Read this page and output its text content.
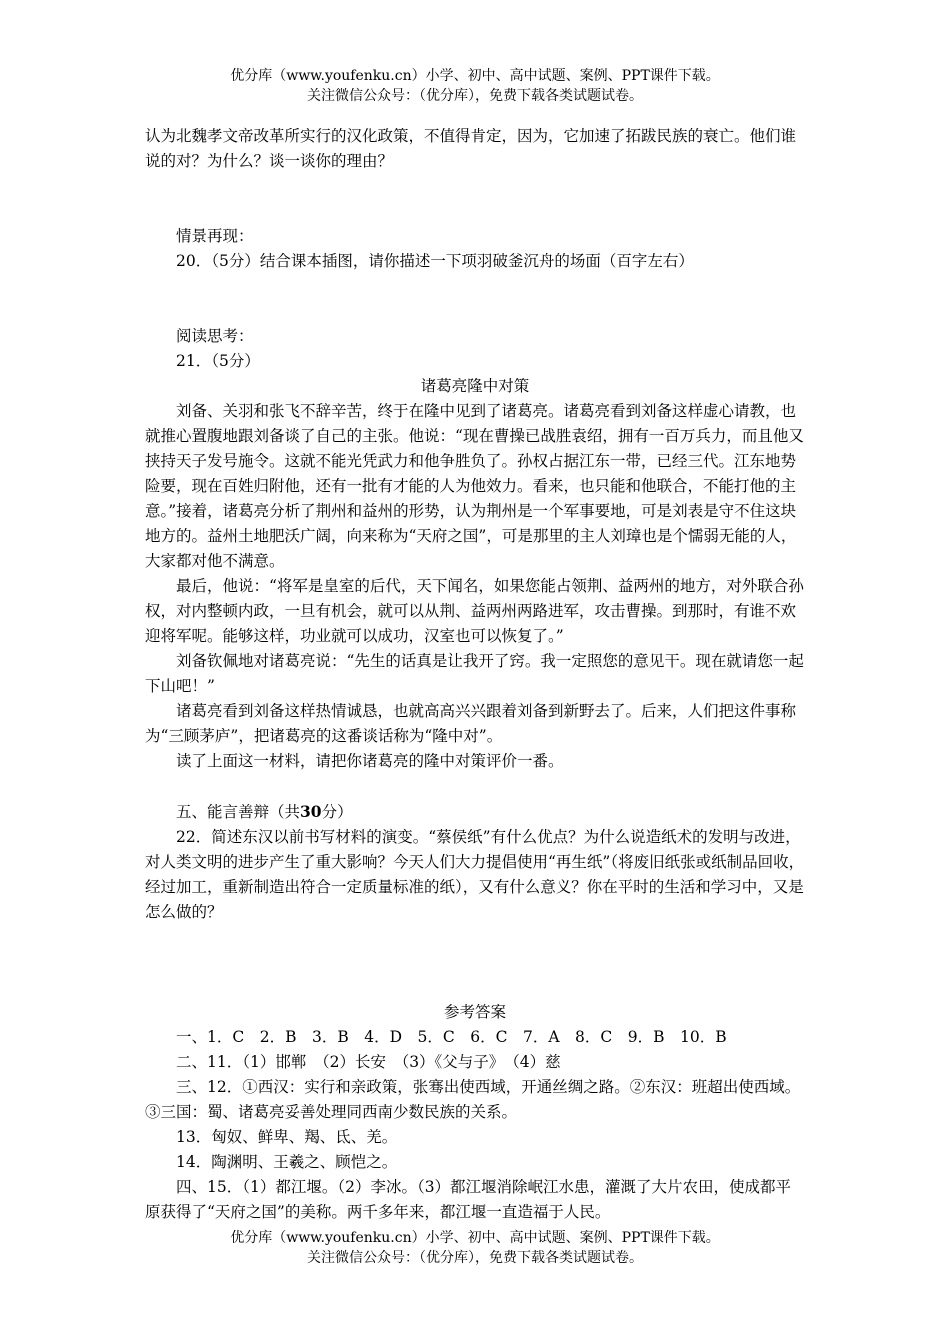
优分库（www.youfenku.cn）小学、初中、高中试题、案例、PPT课件下载。

关注微信公众号：（优分库），免费下载各类试题试卷。

认为北魏孝文帝改革所实行的汉化政策，不值得肯定，因为，它加速了拓跋民族的衰亡。他们谁说的对？为什么？谈一谈你的理由？

情景再现：

20．（5分）结合课本插图，请你描述一下项羽破釜沉舟的场面（百字左右）

阅读思考：

21．（5分）

诸葛亮隆中对策

刘备、关羽和张飞不辞辛苦，终于在隆中见到了诸葛亮。诸葛亮看到刘备这样虚心请教，也就推心置腹地跟刘备谈了自己的主张。他说：“现在曹操已战胜袁绍，拥有一百万兵力，而且他又挟持天子发号施令。这就不能光凭武力和他争胜负了。孙权占据江东一带，已经三代。江东地势险要，现在百姓归附他，还有一批有才能的人为他效力。看来，也只能和他联合，不能打他的主意。”接着，诸葛亮分析了荆州和益州的形势，认为荆州是一个军事要地，可是刘表是守不住这块地方的。益州土地肥沃广阔，向来称为“天府之国”，可是那里的主人刘璋也是个懦弱无能的人，大家都对他不满意。

最后，他说：“将军是皇室的后代，天下闻名，如果您能占领荆、益两州的地方，对外联合孙权，对内整顿内政，一旦有机会，就可以从荆、益两州两路进军，攻击曹操。到那时，有谁不欢迎将军呢。能够这样，功业就可以成功，汉室也可以恢复了。”

刘备钦佩地对诸葛亮说：“先生的话真是让我开了窍。我一定照您的意见干。现在就请您一起下山吧！”

诸葛亮看到刘备这样热情诚恳，也就高高兴兴跟着刘备到新野去了。后来，人们把这件事称为“三顾茅庐”，把诸葛亮的这番谈话称为“隆中对”。

读了上面这一材料，请把你诸葛亮的隆中对策评价一番。

五、能言善辩（共30分）

22．简述东汉以前书写材料的演变。“蔡侯纸”有什么优点？为什么说造纸术的发明与改进，对人类文明的进步产生了重大影响？今天人们大力提倡使用“再生纸”（将废旧纸张或纸制品回收，经过加工，重新制造出符合一定质量标准的纸），又有什么意义？你在平时的生活和学习中，又是怎么做的？

参考答案

一、1．C　2．B　3．B　4．D　5．C　6．C　7．A　8．C　9．B　10．B

二、11．（1）邯郸　（2）长安　（3）《父与子》　（4）慈

三、12．①西汉：实行和亲政策，张骞出使西域，开通丝绸之路。②东汉：班超出使西域。③三国：蜀、诸葛亮妥善处理同西南少数民族的关系。

13．匈奴、鲜卑、羯、氐、羌。

14．陶渊明、王羲之、顾恺之。

四、15．（1）都江堰。（2）李冰。（3）都江堰消除岷江水患，灌溉了大片农田，使成都平原获得了“天府之国”的美称。两千多年来，都江堰一直造福于人民。

优分库（www.youfenku.cn）小学、初中、高中试题、案例、PPT课件下载。

关注微信公众号：（优分库），免费下载各类试题试卷。
